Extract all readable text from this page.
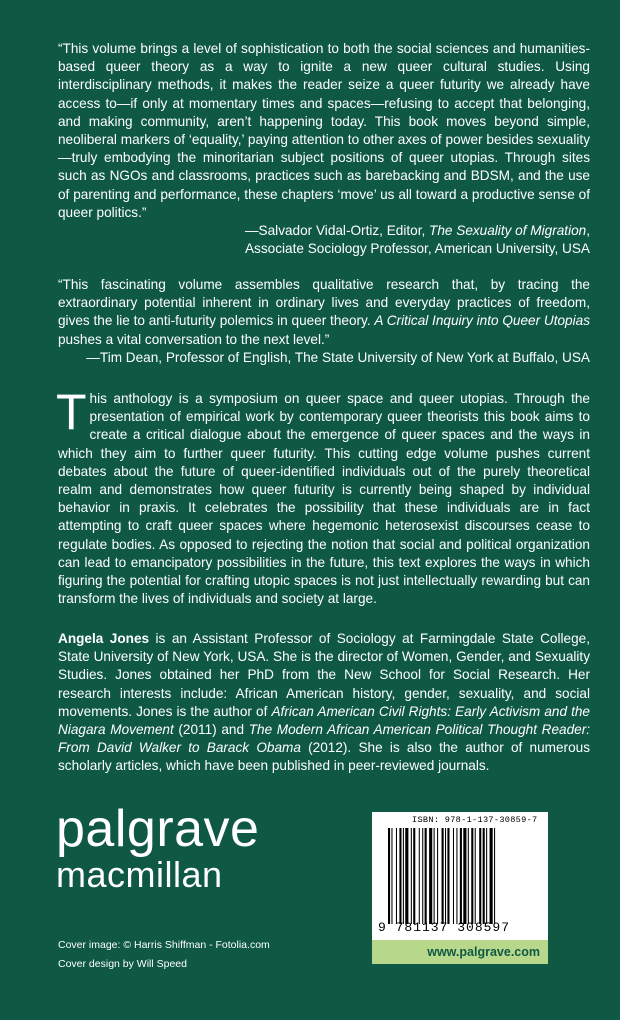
“This volume brings a level of sophistication to both the social sciences and humanities-based queer theory as a way to ignite a new queer cultural studies. Using interdisciplinary methods, it makes the reader seize a queer futurity we already have access to—if only at momentary times and spaces—refusing to accept that belonging, and making community, aren’t happening today. This book moves beyond simple, neoliberal markers of ‘equality,’ paying attention to other axes of power besides sexuality—truly embodying the minoritarian subject positions of queer utopias. Through sites such as NGOs and classrooms, practices such as barebacking and BDSM, and the use of parenting and performance, these chapters ‘move’ us all toward a productive sense of queer politics.”

—Salvador Vidal-Ortiz, Editor, The Sexuality of Migration,

Associate Sociology Professor, American University, USA

“This fascinating volume assembles qualitative research that, by tracing the extraordinary potential inherent in ordinary lives and everyday practices of freedom, gives the lie to anti-futurity polemics in queer theory. A Critical Inquiry into Queer Utopias pushes a vital conversation to the next level.”

—Tim Dean, Professor of English, The State University of New York at Buffalo, USA

T his anthology is a symposium on queer space and queer utopias. Through the presentation of empirical work by contemporary queer theorists this book aims to create a critical dialogue about the emergence of queer spaces and the ways in which they aim to further queer futurity. This cutting edge volume pushes current debates about the future of queer-identified individuals out of the purely theoretical realm and demonstrates how queer futurity is currently being shaped by individual behavior in praxis. It celebrates the possibility that these individuals are in fact attempting to craft queer spaces where hegemonic heterosexist discourses cease to regulate bodies. As opposed to rejecting the notion that social and political organization can lead to emancipatory possibilities in the future, this text explores the ways in which figuring the potential for crafting utopic spaces is not just intellectually rewarding but can transform the lives of individuals and society at large.

Angela Jones is an Assistant Professor of Sociology at Farmingdale State College, State University of New York, USA. She is the director of Women, Gender, and Sexuality Studies. Jones obtained her PhD from the New School for Social Research. Her research interests include: African American history, gender, sexuality, and social movements. Jones is the author of African American Civil Rights: Early Activism and the Niagara Movement (2011) and The Modern African American Political Thought Reader: From David Walker to Barack Obama (2012). She is also the author of numerous scholarly articles, which have been published in peer-reviewed journals.

palgrave
macmillan
Cover image: © Harris Shiffman - Fotolia.com
Cover design by Will Speed
ISBN: 978-1-137-30859-7
9 781137 308597
www.palgrave.com
